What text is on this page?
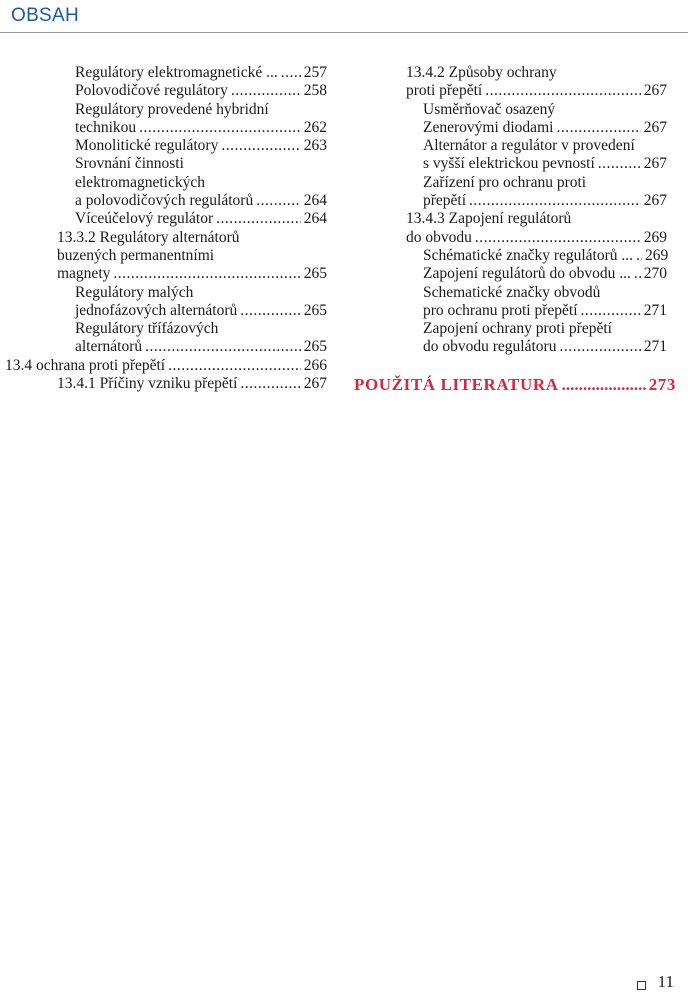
OBSAH
Regulátory elektromagnetické ... ..... 257
Polovodičové regulátory .....	258
Regulátory provedené hybridní
technikou .....	262
Monolitické regulátory .....	263
Srovnání činnosti
elektromagnetických
a polovodičových regulátorů .....	264
Víceúčelový regulátor .....	264
13.3.2 Regulátory alternátorů
buzených permanentními
magnety .....	265
Regulátory malých
jednofázových alternátorů .....	265
Regulátory třífázových
alternátorů .....	265
13.4 ochrana proti přepětí .....	266
13.4.1 Příčiny vzniku přepětí .....	267
13.4.2 Způsoby ochrany
proti přepětí .....	267
Usměrňovač osazený
Zenerovými diodami .....	267
Alternátor a regulátor v provedení
s vyšší elektrickou pevností .....	267
Zařízení pro ochranu proti
přepětí .....	267
13.4.3 Zapojení regulátorů
do obvodu .....	269
Schématické značky regulátorů ... ..... 269
Zapojení regulátorů do obvodu ... ..... 270
Schematické značky obvodů
pro ochranu proti přepětí .....	271
Zapojení ochrany proti přepětí
do obvodu regulátoru .....	271
POUŽITÁ LITERATURA .....	273
11
